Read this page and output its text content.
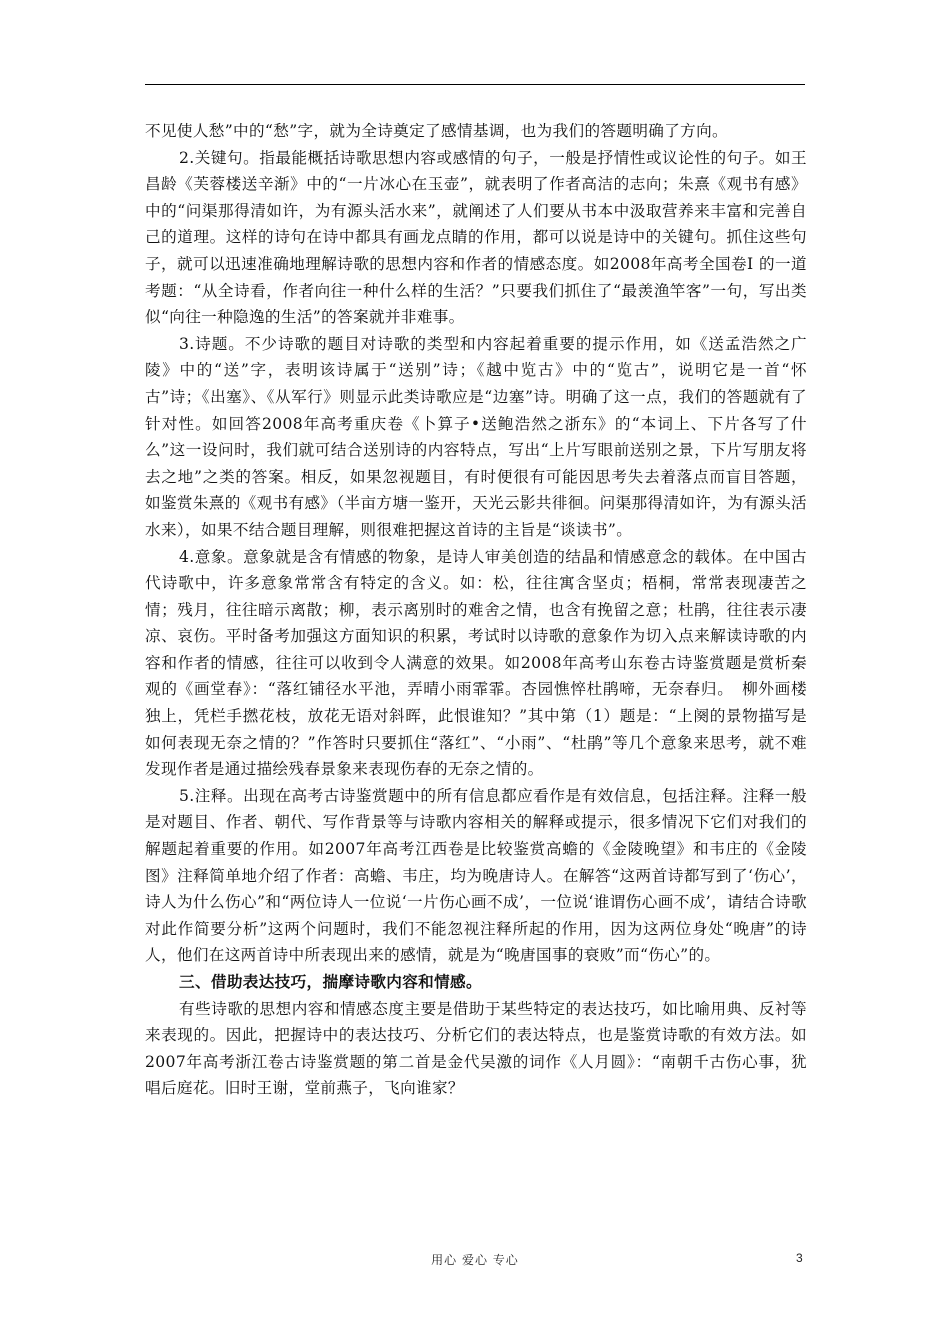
不见使人愁”中的“愁”字，就为全诗奠定了感情基调，也为我们的答题明确了方向。

2.关键句。指最能概括诗歌思想内容或感情的句子，一般是抒情性或议论性的句子。如王昌龄《芙蓉楼送辛渐》中的“一片冰心在玉壶”，就表明了作者高洁的志向；朱熹《观书有感》中的“问渠那得清如许，为有源头活水来”，就阐述了人们要从书本中汲取营养来丰富和完善自己的道理。这样的诗句在诗中都具有画龙点睛的作用，都可以说是诗中的关键句。抓住这些句子，就可以迅速准确地理解诗歌的思想内容和作者的情感态度。如2008年高考全国卷Ⅰ 的一道考题：“从全诗看，作者向往一种什么样的生活？”只要我们抓住了“最羡渔竿客”一句，写出类似“向往一种隐逸的生活”的答案就并非难事。

3.诗题。不少诗歌的题目对诗歌的类型和内容起着重要的提示作用，如《送孟浩然之广陵》中的“送”字，表明该诗属于“送别”诗；《越中览古》中的“览古”，说明它是一首“怀古”诗；《出塞》、《从军行》则显示此类诗歌应是“边塞”诗。明确了这一点，我们的答题就有了针对性。如回答2008年高考重庆卷《卜算子•送鲍浩然之浙东》的“本词上、下片各写了什么”这一设问时，我们就可结合送别诗的内容特点，写出“上片写眼前送别之景，下片写朋友将去之地”之类的答案。相反，如果忽视题目，有时便很有可能因思考失去着落点而盲目答题，如鉴赏朱熹的《观书有感》（半亩方塘一鉴开，天光云影共徘徊。问渠那得清如许，为有源头活水来），如果不结合题目理解，则很难把握这首诗的主旨是“谈读书”。

4.意象。意象就是含有情感的物象，是诗人审美创造的结晶和情感意念的载体。在中国古代诗歌中，许多意象常常含有特定的含义。如：松，往往寓含坚贞；梧桐，常常表现凄苦之情；残月，往往暗示离散；柳，表示离别时的难舍之情，也含有挽留之意；杜鹃，往往表示凄凉、哀伤。平时备考加强这方面知识的积累，考试时以诗歌的意象作为切入点来解读诗歌的内容和作者的情感，往往可以收到令人满意的效果。如2008年高考山东卷古诗鉴赏题是赏析秦观的《画堂春》：“落红铺径水平池，弄晴小雨霏霏。杏园憔悴杜鹃啼，无奈春归。　柳外画楼独上，凭栏手撚花枝，放花无语对斜晖，此恨谁知？”其中第（1）题是：“上阕的景物描写是如何表现无奈之情的？”作答时只要抓住“落红”、“小雨”、“杜鹃”等几个意象来思考，就不难发现作者是通过描绘残春景象来表现伤春的无奈之情的。

5.注释。出现在高考古诗鉴赏题中的所有信息都应看作是有效信息，包括注释。注释一般是对题目、作者、朝代、写作背景等与诗歌内容相关的解释或提示，很多情况下它们对我们的解题起着重要的作用。如2007年高考江西卷是比较鉴赏高蟾的《金陵晚望》和韦庄的《金陵图》注释简单地介绍了作者：高蟾、韦庄，均为晚唐诗人。在解答“这两首诗都写到了‘伤心’，诗人为什么伤心”和“两位诗人一位说‘一片伤心画不成’，一位说‘谁谓伤心画不成’，请结合诗歌对此作简要分析”这两个问题时，我们不能忽视注释所起的作用，因为这两位身处“晚唐”的诗人，他们在这两首诗中所表现出来的感情，就是为“晚唐国事的衰败”而“伤心”的。

三、借助表达技巧，揣摩诗歌内容和情感。

有些诗歌的思想内容和情感态度主要是借助于某些特定的表达技巧，如比喻用典、反衬等来表现的。因此，把握诗中的表达技巧、分析它们的表达特点，也是鉴赏诗歌的有效方法。如2007年高考浙江卷古诗鉴赏题的第二首是金代吴激的词作《人月圆》：“南朝千古伤心事，犹唱后庭花。旧时王谢，堂前燕子，飞向谁家？

用心 爱心 专心	3
